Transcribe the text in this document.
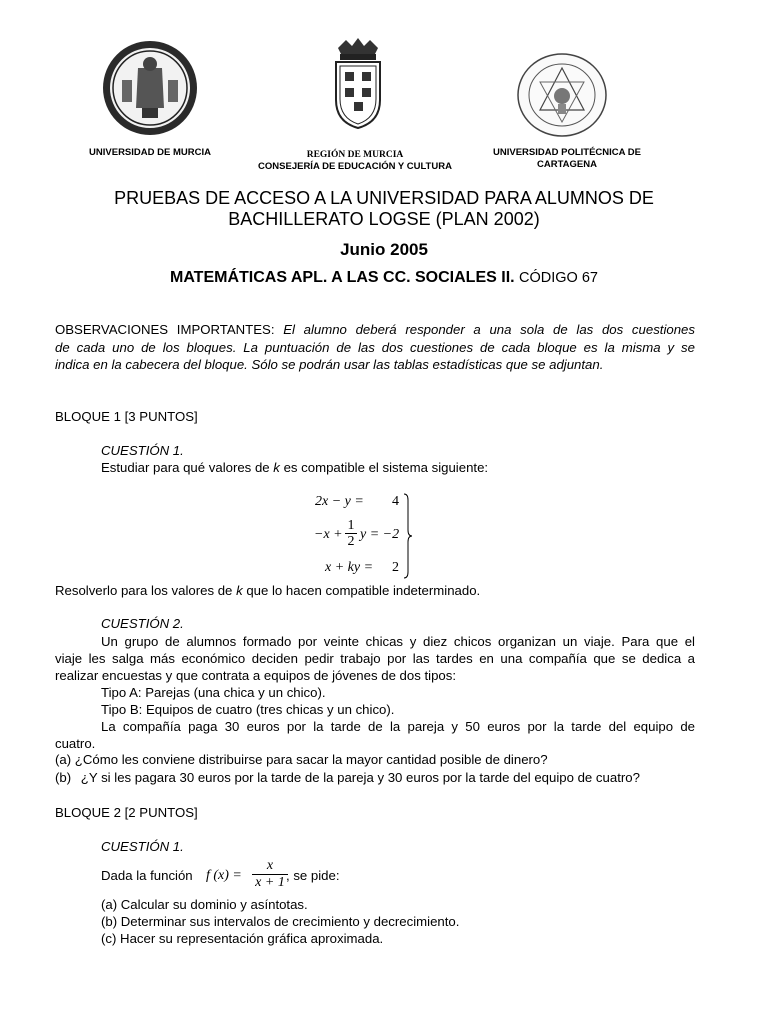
UNIVERSIDAD DE MURCIA	REGIÓN DE MURCIA
CONSEJERÍA DE EDUCACIÓN Y CULTURA
UNIVERSIDAD POLITÉCNICA DE
CARTAGENA
PRUEBAS DE ACCESO A LA UNIVERSIDAD PARA ALUMNOS DE
BACHILLERATO LOGSE (PLAN 2002)
Junio 2005
MATEMÁTICAS APL. A LAS CC. SOCIALES II. CÓDIGO 67
OBSERVACIONES IMPORTANTES: El alumno deberá responder a una sola de las dos cuestiones
de cada uno de los bloques. La puntuación de las dos cuestiones de cada bloque es la misma y se
indica en la cabecera del bloque. Sólo se podrán usar las tablas estadísticas que se adjuntan.
BLOQUE 1 [3 PUNTOS]
CUESTIÓN 1.
Estudiar para qué valores de k es compatible el sistema siguiente:
2x − y = 4
−x +
1
2 y = −2
x + ky = 2
Resolverlo para los valores de k que lo hacen compatible indeterminado.
CUESTIÓN 2.
Un grupo de alumnos formado por veinte chicas y diez chicos organizan un viaje. Para que el
viaje les salga más económico deciden pedir trabajo por las tardes en una compañía que se dedica a
realizar encuestas y que contrata a equipos de jóvenes de dos tipos:
Tipo A: Parejas (una chica y un chico).
Tipo B: Equipos de cuatro (tres chicas y un chico).
La compañía paga 30 euros por la tarde de la pareja y 50 euros por la tarde del equipo de
cuatro.
(a) ¿Cómo les conviene distribuirse para sacar la mayor cantidad posible de dinero?
(b) ¿Y si les pagara 30 euros por la tarde de la pareja y 30 euros por la tarde del equipo de cuatro?
BLOQUE 2 [2 PUNTOS]
CUESTIÓN 1.
Dada la función f (x) =
x
x + 1 , se pide:
(a) Calcular su dominio y asíntotas.
(b) Determinar sus intervalos de crecimiento y decrecimiento.
(c) Hacer su representación gráfica aproximada.
